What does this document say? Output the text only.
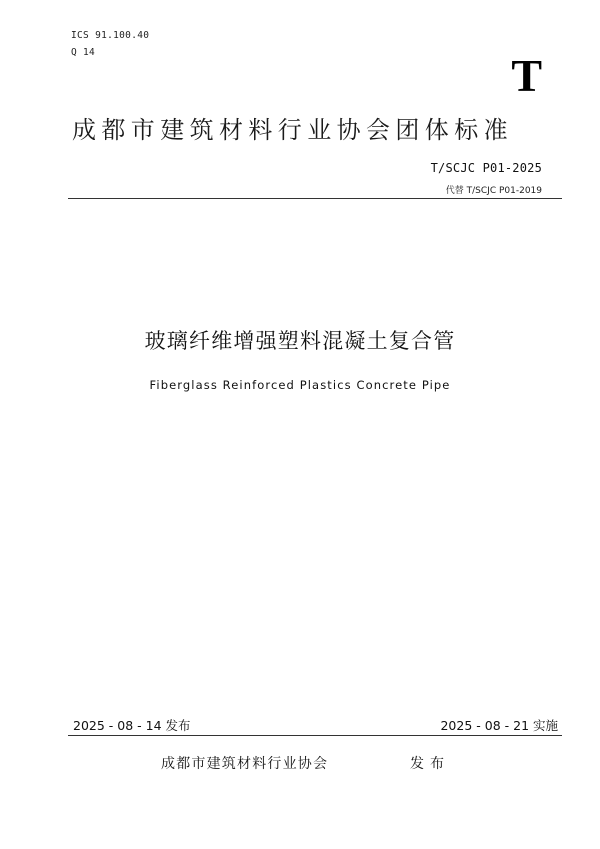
ICS 91.100.40
Q 14	T
成都市建筑材料行业协会团体标准
T/SCJC P01-2025
代替 T/SCJC P01-2019
玻璃纤维增强塑料混凝土复合管
Fiberglass Reinforced Plastics Concrete Pipe
2025 - 08 - 14 发布	2025 - 08 - 21 实施
成都市建筑材料行业协会	发布
